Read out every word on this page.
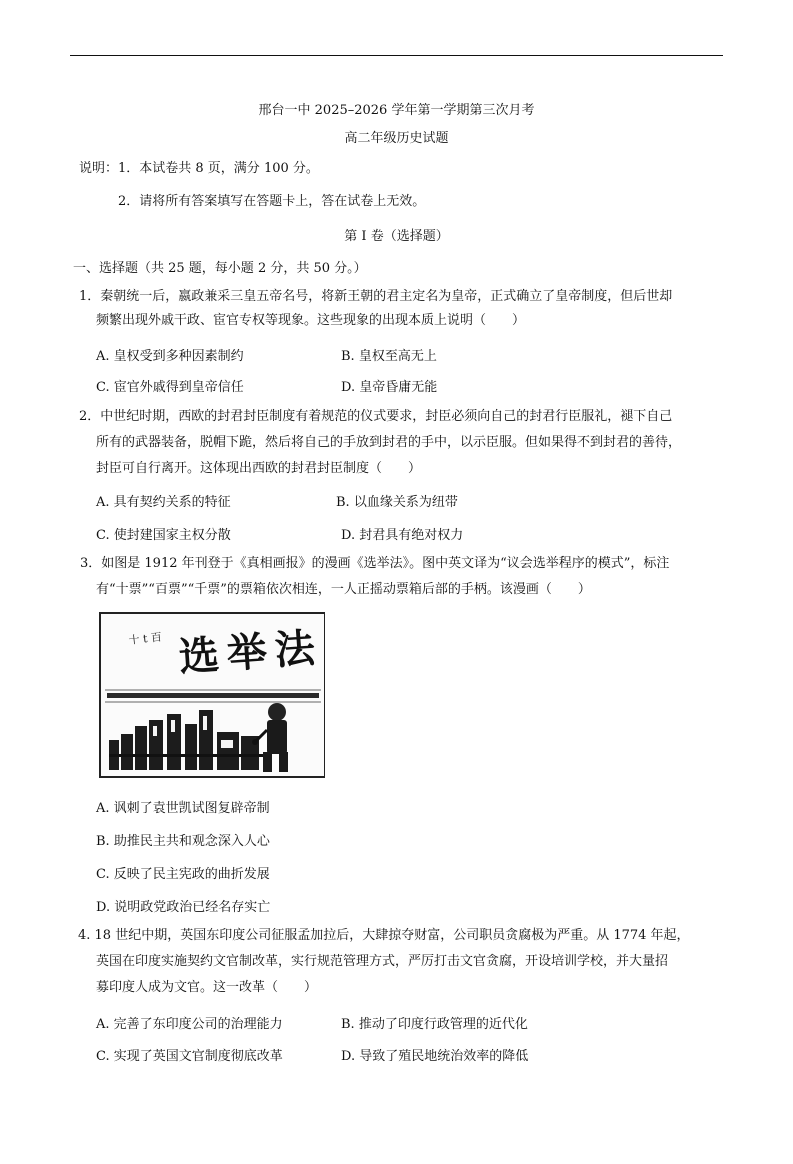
邢台一中 2025–2026 学年第一学期第三次月考
高二年级历史试题
说明： 1．本试卷共 8 页，满分 100 分。
2．请将所有答案填写在答题卡上，答在试卷上无效。
第 I 卷（选择题）
一、选择题（共 25 题，每小题 2 分，共 50 分。）
1．秦朝统一后，嬴政兼采三皇五帝名号，将新王朝的君主定名为皇帝，正式确立了皇帝制度，但后世却
频繁出现外戚干政、宦官专权等现象。这些现象的出现本质上说明（　　）
A. 皇权受到多种因素制约	B. 皇权至高无上
C. 宦官外戚得到皇帝信任	D. 皇帝昏庸无能
2．中世纪时期，西欧的封君封臣制度有着规范的仪式要求，封臣必须向自己的封君行臣服礼，褪下自己
所有的武器装备，脱帽下跪，然后将自己的手放到封君的手中，以示臣服。但如果得不到封君的善待，
封臣可自行离开。这体现出西欧的封君封臣制度（　　）
A. 具有契约关系的特征	B. 以血缘关系为纽带
C. 使封建国家主权分散	D. 封君具有绝对权力
3．如图是 1912 年刊登于《真相画报》的漫画《选举法》。图中英文译为“议会选举程序的模式”，标注
有“十票”“百票”“千票”的票箱依次相连，一人正摇动票箱后部的手柄。该漫画（　　）
十 t 百 选举法
A. 讽刺了袁世凯试图复辟帝制
B. 助推民主共和观念深入人心
C. 反映了民主宪政的曲折发展
D. 说明政党政治已经名存实亡
4. 18 世纪中期，英国东印度公司征服孟加拉后，大肆掠夺财富，公司职员贪腐极为严重。从 1774 年起，
英国在印度实施契约文官制改革，实行规范管理方式，严厉打击文官贪腐，开设培训学校，并大量招
募印度人成为文官。这一改革（　　）
A. 完善了东印度公司的治理能力	B. 推动了印度行政管理的近代化
C. 实现了英国文官制度彻底改革	D. 导致了殖民地统治效率的降低
